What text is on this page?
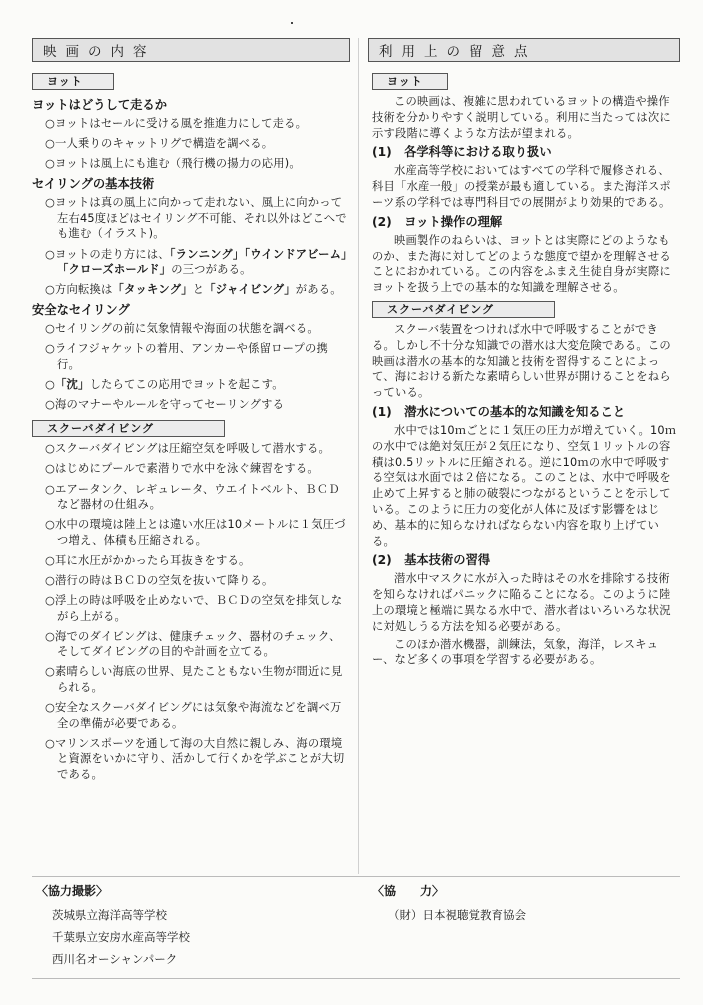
映画の内容
ヨット
ヨットはどうして走るか
○ヨットはセールに受ける風を推進力にして走る。
○一人乗りのキャットリグで構造を調べる。
○ヨットは風上にも進む（飛行機の揚力の応用)。
セイリングの基本技術
○ヨットは真の風上に向かって走れない、風上に向かって左右45度ほどはセイリング不可能、それ以外はどこへでも進む（イラスト)。
○ヨットの走り方には、「ランニング」「ウインドアビーム」「クローズホールド」の三つがある。
○方向転換は「タッキング」と「ジャイビング」がある。
安全なセイリング
○セイリングの前に気象情報や海面の状態を調べる。
○ライフジャケットの着用、アンカーや係留ロープの携行。
○「沈」したらてこの応用でヨットを起こす。
○海のマナーやルールを守ってセーリングする
スクーバダイビング
○スクーバダイビングは圧縮空気を呼吸して潜水する。
○はじめにプールで素潜りで水中を泳ぐ練習をする。
○エアータンク、レギュレータ、ウエイトベルト、ＢＣＤなど器材の仕組み。
○水中の環境は陸上とは違い水圧は10メートルに１気圧づつ増え、体積も圧縮される。
○耳に水圧がかかったら耳抜きをする。
○潜行の時はＢＣＤの空気を抜いて降りる。
○浮上の時は呼吸を止めないで、ＢＣＤの空気を排気しながら上がる。
○海でのダイビングは、健康チェック、器材のチェック、そしてダイビングの目的や計画を立てる。
○素晴らしい海底の世界、見たこともない生物が間近に見られる。
○安全なスクーバダイビングには気象や海流などを調べ万全の準備が必要である。
○マリンスポーツを通して海の大自然に親しみ、海の環境と資源をいかに守り、活かして行くかを学ぶことが大切である。
利用上の留意点
ヨット
この映画は、複雑に思われているヨットの構造や操作技術を分かりやすく説明している。利用に当たっては次に示す段階に導くような方法が望まれる。
(1)　各学科等における取り扱い
水産高等学校においてはすべての学科で履修される、科目「水産一般」の授業が最も適している。また海洋スポーツ系の学科では専門科目での展開がより効果的である。
(2)　ヨット操作の理解
映画製作のねらいは、ヨットとは実際にどのようなものか、また海に対してどのような態度で望かを理解させることにおかれている。この内容をふまえ生徒自身が実際にヨットを扱う上での基本的な知識を理解させる。
スクーバダイビング
スクーバ装置をつければ水中で呼吸することができる。しかし不十分な知識での潜水は大変危険である。この映画は潜水の基本的な知識と技術を習得することによって、海における新たな素晴らしい世界が開けることをねらっている。
(1)　潜水についての基本的な知識を知ること
水中では10ｍごとに１気圧の圧力が増えていく。10ｍの水中では絶対気圧が２気圧になり、空気１リットルの容積は0.5リットルに圧縮される。逆に10ｍの水中で呼吸する空気は水面では２倍になる。このことは、水中で呼吸を止めて上昇すると肺の破裂につながるということを示している。このように圧力の変化が人体に及ぼす影響をはじめ、基本的に知らなければならない内容を取り上げている。
(2)　基本技術の習得
潜水中マスクに水が入った時はその水を排除する技術を知らなければパニックに陥ることになる。このように陸上の環境と極端に異なる水中で、潜水者はいろいろな状況に対処しうる方法を知る必要がある。
このほか潜水機器，訓練法，気象，海洋，レスキュー、など多くの事項を学習する必要がある。
〈協力撮影〉
茨城県立海洋高等学校
千葉県立安房水産高等学校
西川名オーシャンパーク
〈協　　力〉
（財）日本視聴覚教育協会
